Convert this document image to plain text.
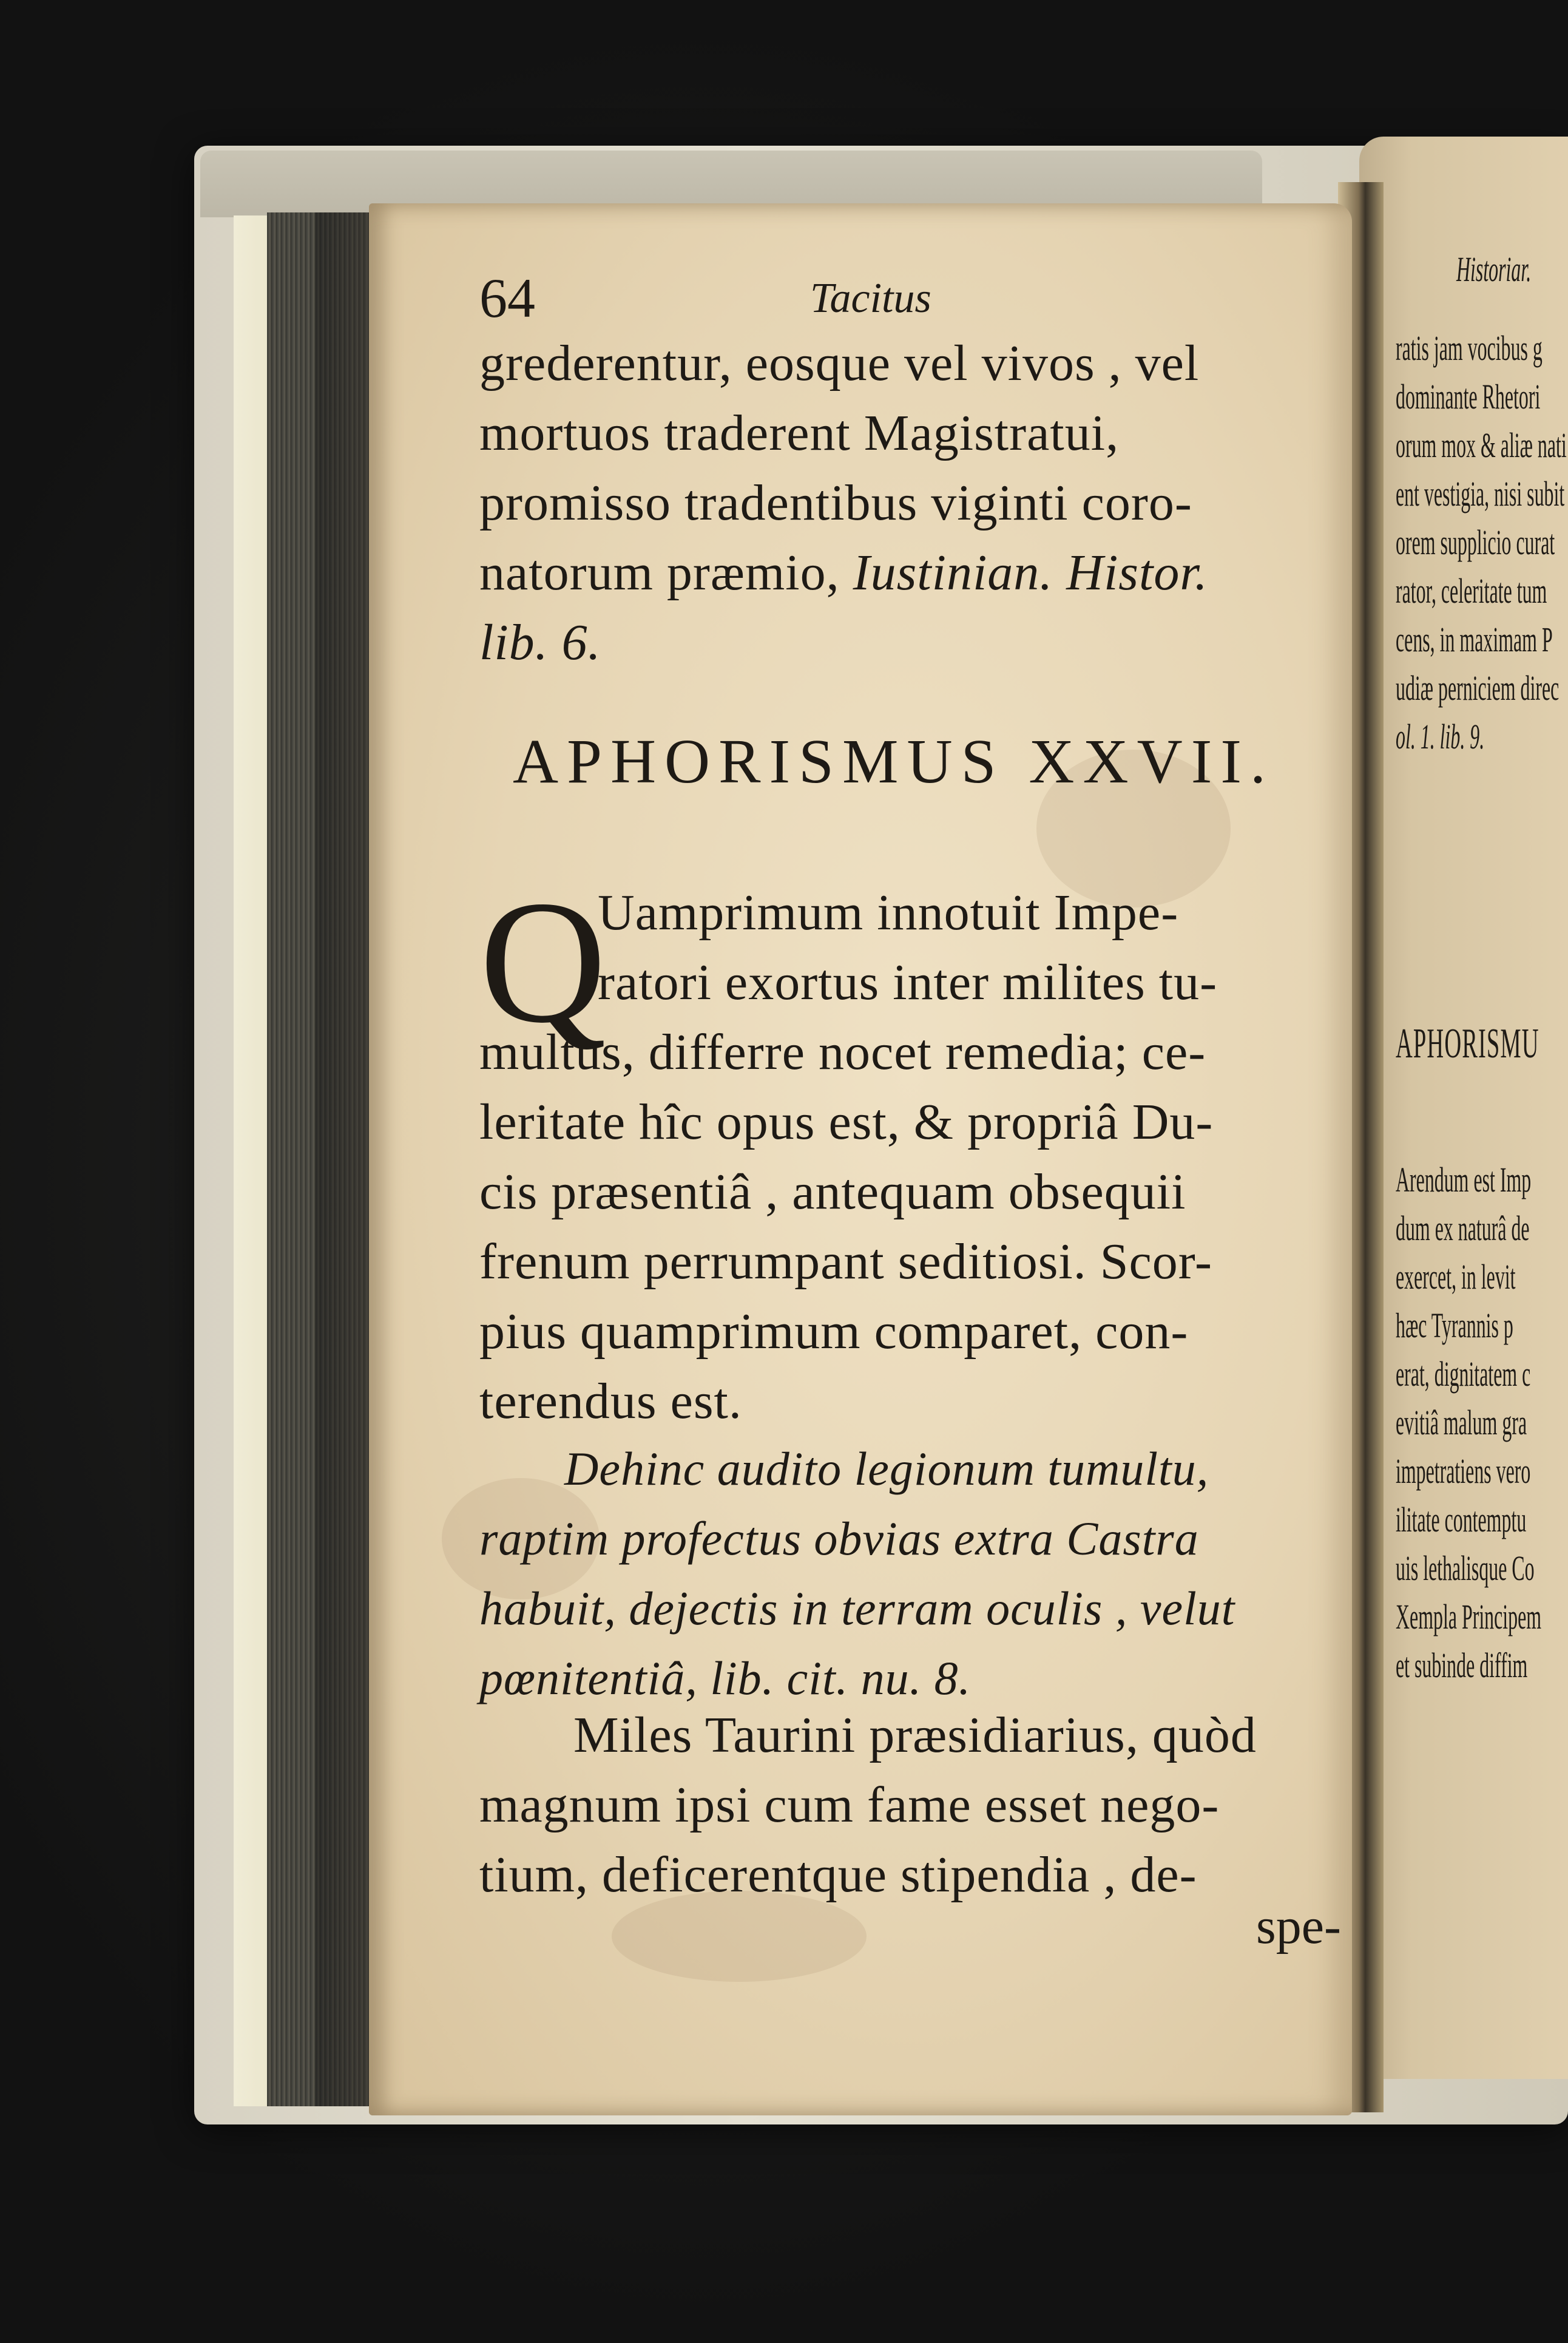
64	Tacitus
grederentur, eosque vel vivos , vel
mortuos traderent Magistratui,
promisso tradentibus viginti coro-
natorum præmio, Iustinian. Histor.
lib. 6.
APHORISMUS XXVII.
Q
Uamprimum innotuit Impe-
ratori exortus inter milites tu-
multus, differre nocet remedia; ce-
leritate hîc opus est, & propriâ Du-
cis præsentiâ , antequam obsequii
frenum perrumpant seditiosi. Scor-
pius quamprimum comparet, con-
terendus est.
Dehinc audito legionum tumultu,
raptim profectus obvias extra Castra
habuit, dejectis in terram oculis , velut
pœnitentiâ, lib. cit. nu. 8.
Miles Taurini præsidiarius, quòd
magnum ipsi cum fame esset nego-
tium, deficerentque stipendia , de-
spe-
Historiar.
ratis jam vocibus g
dominante Rhetori
orum mox & aliæ nati
ent vestigia, nisi subit
orem supplicio curat
rator, celeritate tum
cens, in maximam P
udiæ perniciem direc
ol. 1. lib. 9.
APHORISMU
Arendum est Imp
dum ex naturâ de
exercet, in levit
hæc Tyrannis p
erat, dignitatem c
evitiâ malum gra
impetratiens vero
ilitate contemptu
uis lethalisque Co
Xempla Principem
et subinde diffim
